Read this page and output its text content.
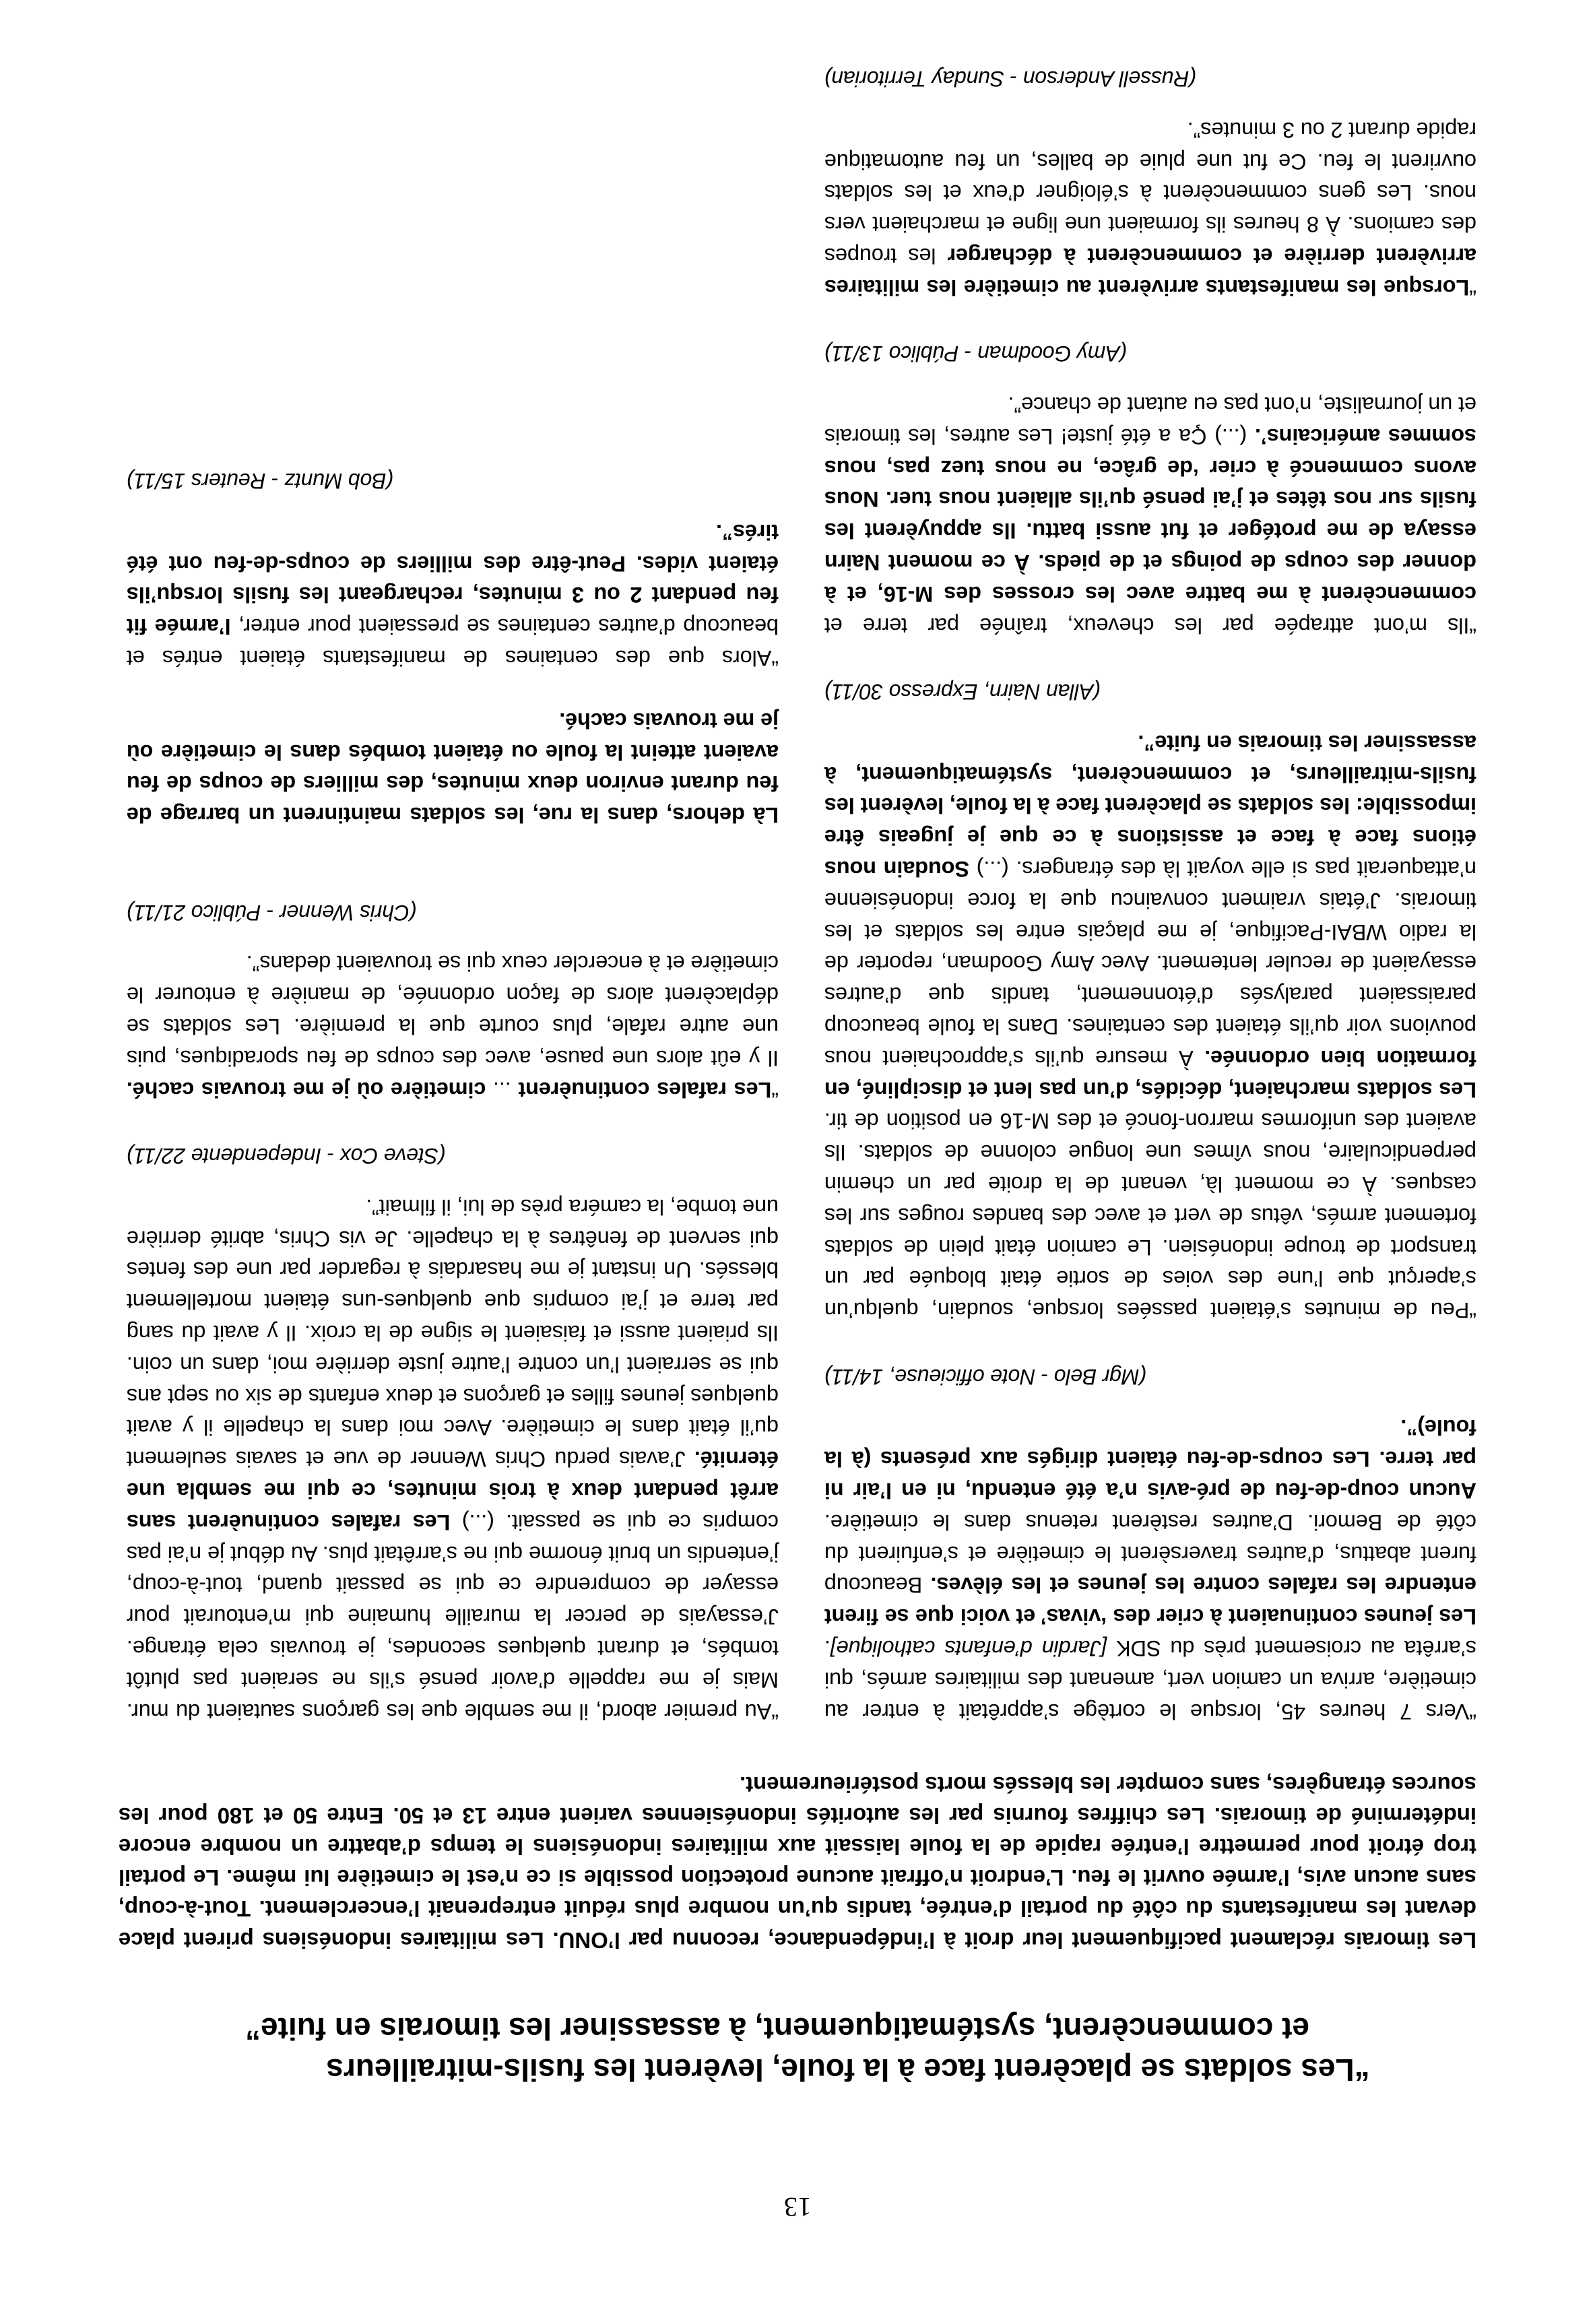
13
“Les soldats se placèrent face à la foule, levèrent les fusils-mitrailleurs
et commencèrent, systématiquement, à assassiner les timorais en fuite”

Les timorais réclament pacifiquement leur droit à l’indépendance, reconnu par l’ONU. Les militaires indonésiens prirent place devant les manifestants du côté du portail d’entrée, tandis qu’un nombre plus réduit entreprenait l’encerclement. Tout-à-coup, sans aucun avis, l’armée ouvrit le feu. L’endroit n’offrait aucune protection possible si ce n’est le cimetière lui même. Le portail trop étroit pour permettre l’entrée rapide de la foule laissait aux militaires indonésiens le temps d’abattre un nombre encore indéterminé de timorais. Les chiffres fournis par les autorités indonésiennes varient entre 13 et 50. Entre 50 et 180 pour les sources étrangères, sans compter les blessés morts postérieurement.

“Vers 7 heures 45, lorsque le cortège s’apprêtait à entrer au cimetière, arriva un camion vert, amenant des militaires armés, qui s’arrêta au croisement près du SDK [Jardin d’enfants catholique]. Les jeunes continuaient à crier des ‘vivas’ et voici que se firent entendre les rafales contre les jeunes et les élèves. Beaucoup furent abattus, d’autres traversèrent le cimetière et s’enfuirent du côté de Bemori. D’autres restèrent retenus dans le cimetière. Aucun coup-de-feu de pré-avis n’a été entendu, ni en l’air ni par terre. Les coups-de-feu étaient dirigés aux présents (à la foule)”.

(Mgr Belo - Note officieuse, 14/11)

“Peu de minutes s’étaient passées lorsque, soudain, quelqu’un s’aperçut que l’une des voies de sortie était bloquée par un transport de troupe indonésien. Le camion était plein de soldats fortement armés, vêtus de vert et avec des bandes rouges sur les casques. À ce moment là, venant de la droite par un chemin perpendiculaire, nous vîmes une longue colonne de soldats. Ils avaient des uniformes marron-foncé et des M-16 en position de tir. Les soldats marchaient, décidés, d’un pas lent et discipliné, en formation bien ordonnée. À mesure qu’ils s’approchaient nous pouvions voir qu’ils étaient des centaines. Dans la foule beaucoup paraissaient paralysés d’étonnement, tandis que d’autres essayaient de reculer lentement. Avec Amy Goodman, reporter de la radio WBAI-Pacifique, je me plaçais entre les soldats et les timorais. J’étais vraiment convaincu que la force indonésienne n’attaquerait pas si elle voyait là des étrangers. (...) Soudain nous étions face à face et assistions à ce que je jugeais être impossible: les soldats se placèrent face à la foule, levèrent les fusils-mitrailleurs, et commencèrent, systématiquement, à assassiner les timorais en fuite”.

(Allan Nairn, Expresso 30/11)

“Ils m’ont attrapée par les cheveux, traînée par terre et commencèrent à me battre avec les crosses des M-16, et à donner des coups de poings et de pieds. À ce moment Nairn essaya de me protéger et fut aussi battu. Ils appuyèrent les fusils sur nos têtes et j’ai pensé qu’ils allaient nous tuer. Nous avons commencé à crier ‘de grâce, ne nous tuez pas, nous sommes américains’. (...) Ça a été juste! Les autres, les timorais et un journaliste, n’ont pas eu autant de chance”.

(Amy Goodman - Público 13/11)

“Lorsque les manifestants arrivèrent au cimetière les militaires arrivèrent derrière et commencèrent à décharger les troupes des camions. À 8 heures ils formaient une ligne et marchaient vers nous. Les gens commencèrent à s’éloigner d’eux et les soldats ouvrirent le feu. Ce fut une pluie de balles, un feu automatique rapide durant 2 ou 3 minutes”.

(Russell Anderson - Sunday Territorian)

“Au premier abord, il me semble que les garçons sautaient du mur. Mais je me rappelle d’avoir pensé s’ils ne seraient pas plutôt tombés, et durant quelques secondes, je trouvais cela étrange. J’essayais de percer la muraille humaine qui m’entourait pour essayer de comprendre ce qui se passait quand, tout-à-coup, j’entendis un bruit énorme qui ne s’arrêtait plus. Au début je n’ai pas compris ce qui se passait. (...) Les rafales continuèrent sans arrêt pendant deux à trois minutes, ce qui me sembla une éternité. J’avais perdu Chris Wenner de vue et savais seulement qu’il était dans le cimetière. Avec moi dans la chapelle il y avait quelques jeunes filles et garçons et deux enfants de six ou sept ans qui se serraient l’un contre l’autre juste derrière moi, dans un coin. Ils priaient aussi et faisaient le signe de la croix. Il y avait du sang par terre et j’ai compris que quelques-uns étaient mortellement blessés. Un instant je me hasardais à regarder par une des fentes qui servent de fenêtres à la chapelle. Je vis Chris, abrité derrière une tombe, la caméra près de lui, il filmait”.

(Steve Cox - Independente 22/11)

“Les rafales continuèrent ... cimetière où je me trouvais caché. Il y eût alors une pause, avec des coups de feu sporadiques, puis une autre rafale, plus courte que la première. Les soldats se déplacèrent alors de façon ordonnée, de manière à entourer le cimetière et à encercler ceux qui se trouvaient dedans”.

(Chris Wenner - Público 21/11)

Là dehors, dans la rue, les soldats maintinrent un barrage de feu durant environ deux minutes, des milliers de coups de feu avaient atteint la foule ou étaient tombés dans le cimetière où je me trouvais caché.

“Alors que des centaines de manifestants étaient entrés et beaucoup d’autres centaines se pressaient pour entrer, l’armée fit feu pendant 2 ou 3 minutes, rechargeant les fusils lorsqu’ils étaient vides. Peut-être des milliers de coups-de-feu ont été tirés”.

(Bob Muntz - Reuters 15/11)
